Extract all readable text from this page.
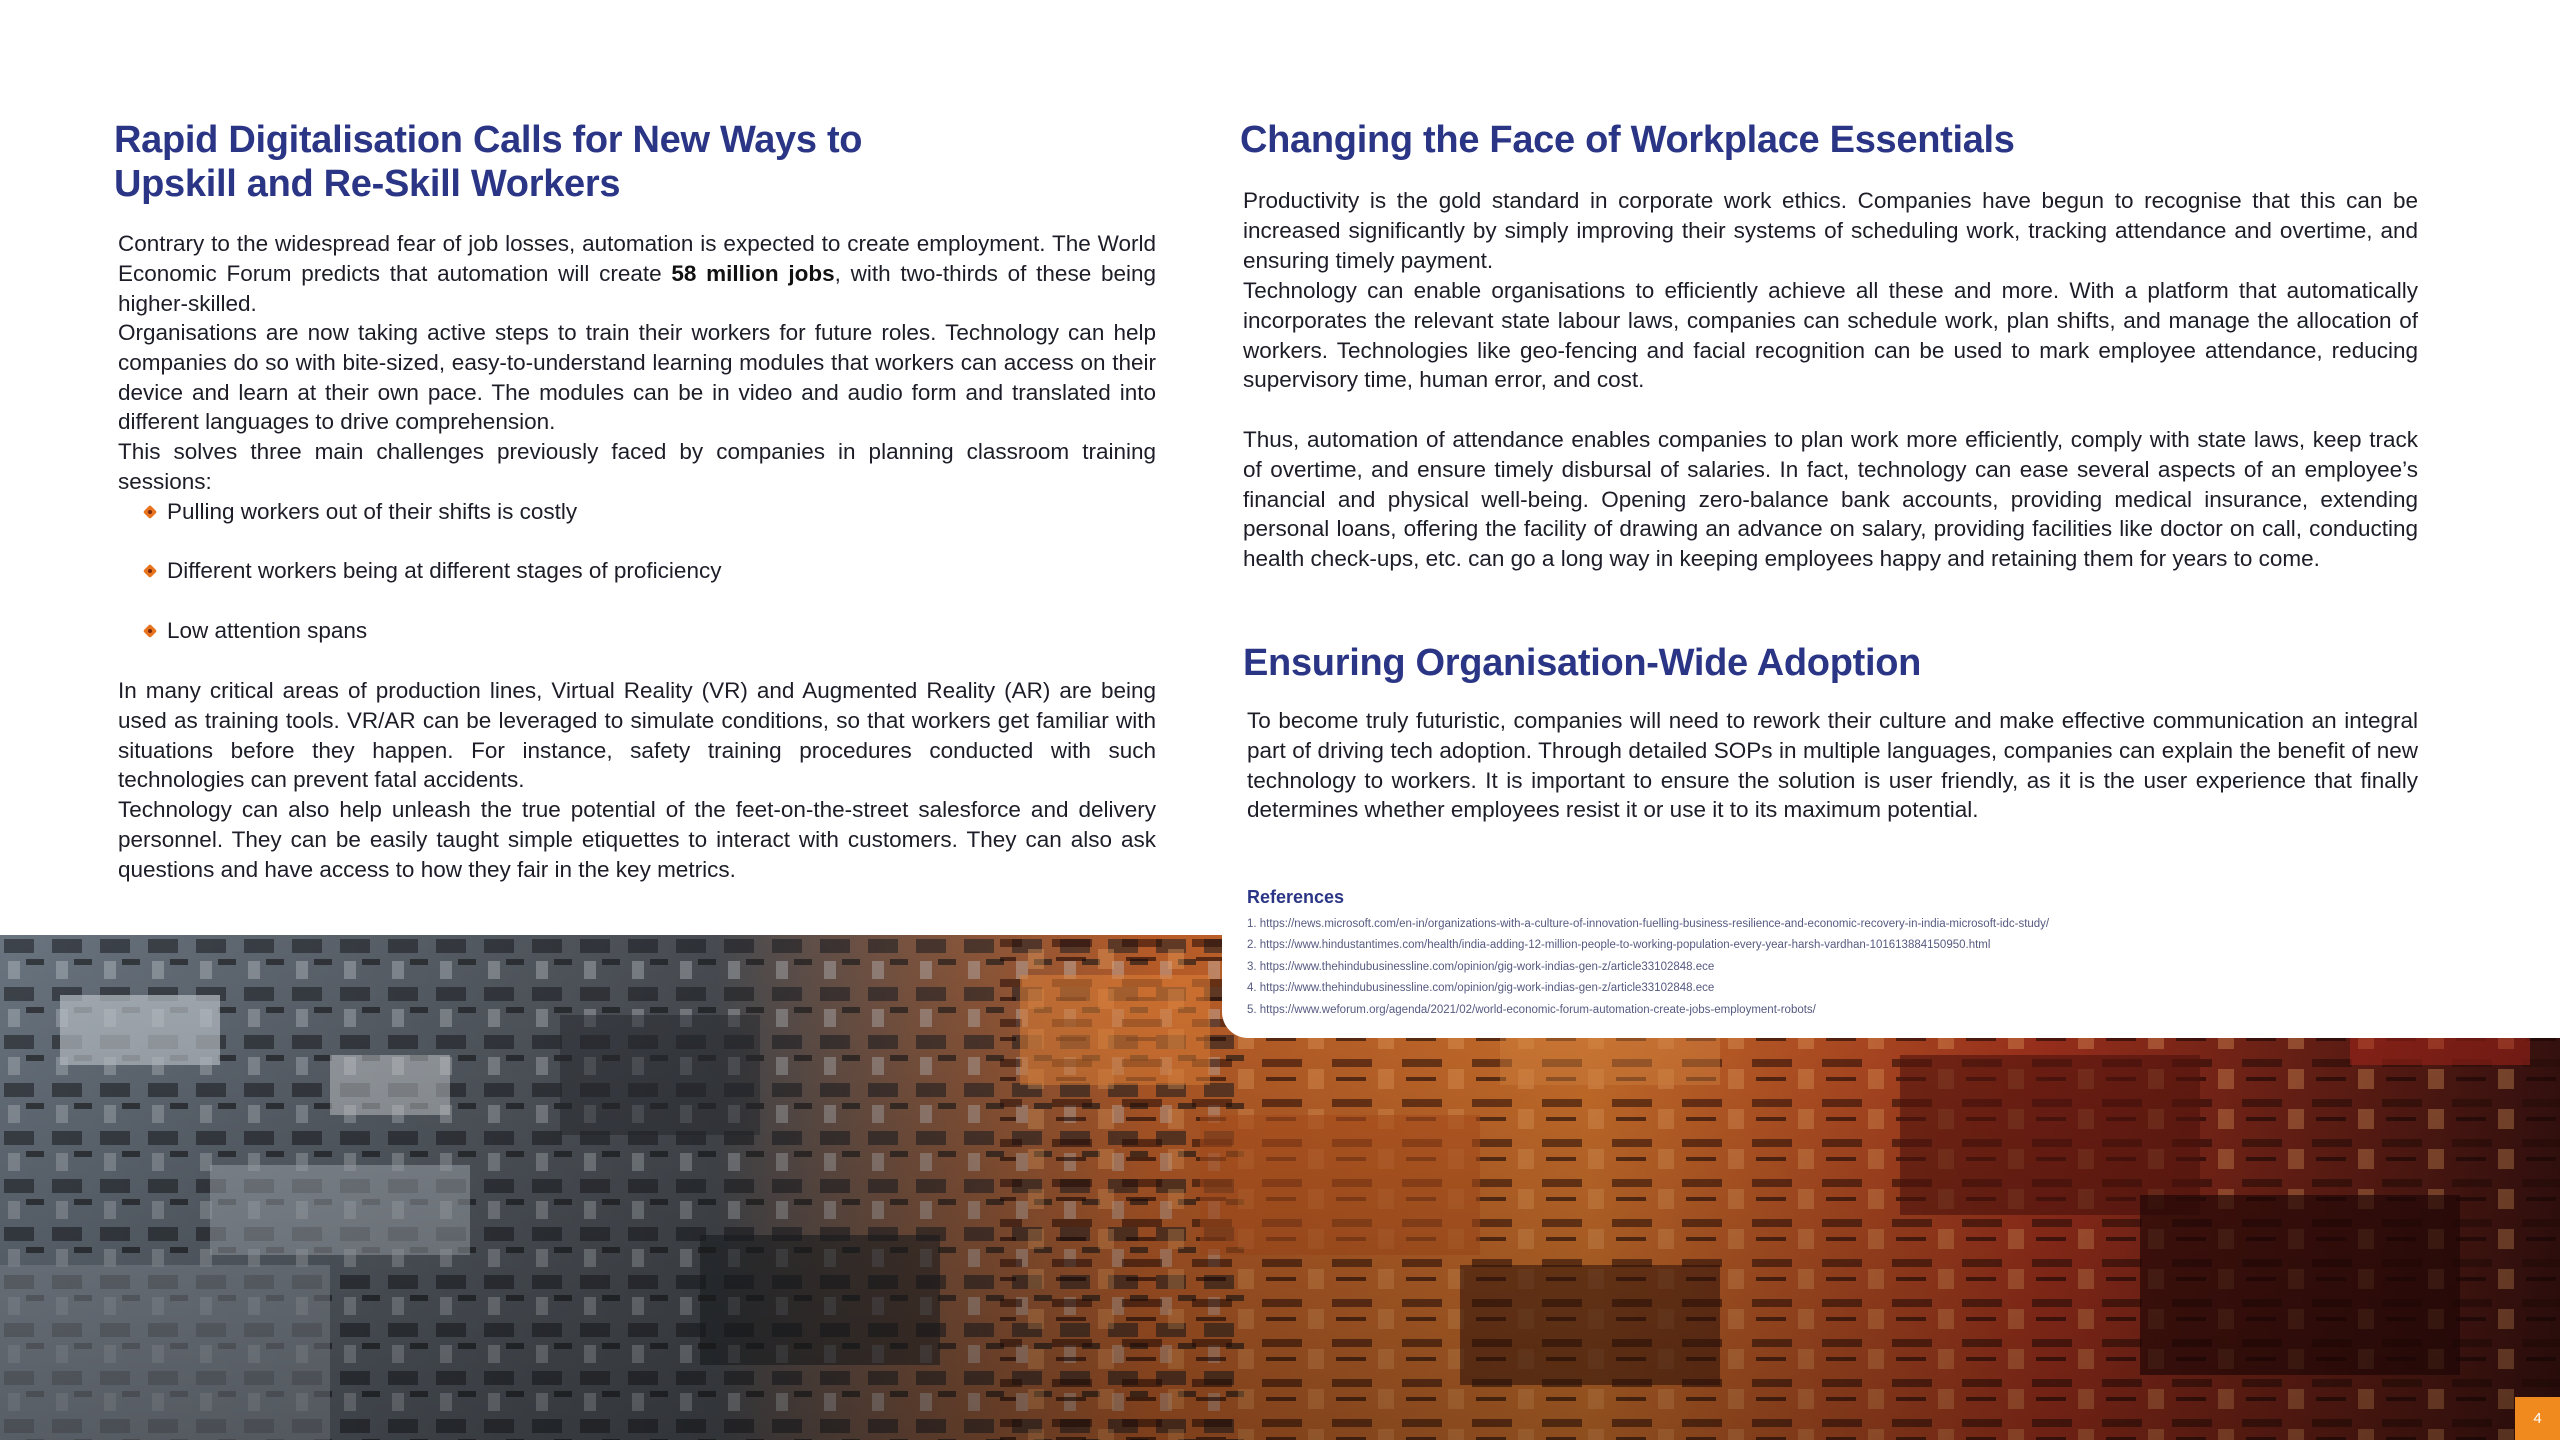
Rapid Digitalisation Calls for New Ways to
Upskill and Re-Skill Workers

Contrary to the widespread fear of job losses, automation is expected to create employment. The World Economic Forum predicts that automation will create 58 million jobs, with two-thirds of these being higher-skilled.

Organisations are now taking active steps to train their workers for future roles. Technology can help companies do so with bite-sized, easy-to-understand learning modules that workers can access on their device and learn at their own pace. The modules can be in video and audio form and translated into different languages to drive comprehension.

This solves three main challenges previously faced by companies in planning classroom training sessions:

Pulling workers out of their shifts is costly
Different workers being at different stages of proficiency
Low attention spans

In many critical areas of production lines, Virtual Reality (VR) and Augmented Reality (AR) are being used as training tools. VR/AR can be leveraged to simulate conditions, so that workers get familiar with situations before they happen. For instance, safety training procedures conducted with such technologies can prevent fatal accidents.

Technology can also help unleash the true potential of the feet-on-the-street salesforce and delivery personnel. They can be easily taught simple etiquettes to interact with customers. They can also ask questions and have access to how they fair in the key metrics.

Changing the Face of Workplace Essentials

Productivity is the gold standard in corporate work ethics. Companies have begun to recognise that this can be increased significantly by simply improving their systems of scheduling work, tracking attendance and overtime, and ensuring timely payment.

Technology can enable organisations to efficiently achieve all these and more. With a platform that automatically incorporates the relevant state labour laws, companies can schedule work, plan shifts, and manage the allocation of workers. Technologies like geo-fencing and facial recognition can be used to mark employee attendance, reducing supervisory time, human error, and cost.

Thus, automation of attendance enables companies to plan work more efficiently, comply with state laws, keep track of overtime, and ensure timely disbursal of salaries. In fact, technology can ease several aspects of an employee’s financial and physical well-being. Opening zero-balance bank accounts, providing medical insurance, extending personal loans, offering the facility of drawing an advance on salary, providing facilities like doctor on call, conducting health check-ups, etc. can go a long way in keeping employees happy and retaining them for years to come.

Ensuring Organisation-Wide Adoption

To become truly futuristic, companies will need to rework their culture and make effective communication an integral part of driving tech adoption. Through detailed SOPs in multiple languages, companies can explain the benefit of new technology to workers. It is important to ensure the solution is user friendly, as it is the user experience that finally determines whether employees resist it or use it to its maximum potential.

References

1. https://news.microsoft.com/en-in/organizations-with-a-culture-of-innovation-fuelling-business-resilience-and-economic-recovery-in-india-microsoft-idc-study/
2. https://www.hindustantimes.com/health/india-adding-12-million-people-to-working-population-every-year-harsh-vardhan-101613884150950.html
3. https://www.thehindubusinessline.com/opinion/gig-work-indias-gen-z/article33102848.ece
4. https://www.thehindubusinessline.com/opinion/gig-work-indias-gen-z/article33102848.ece
5. https://www.weforum.org/agenda/2021/02/world-economic-forum-automation-create-jobs-employment-robots/
4
